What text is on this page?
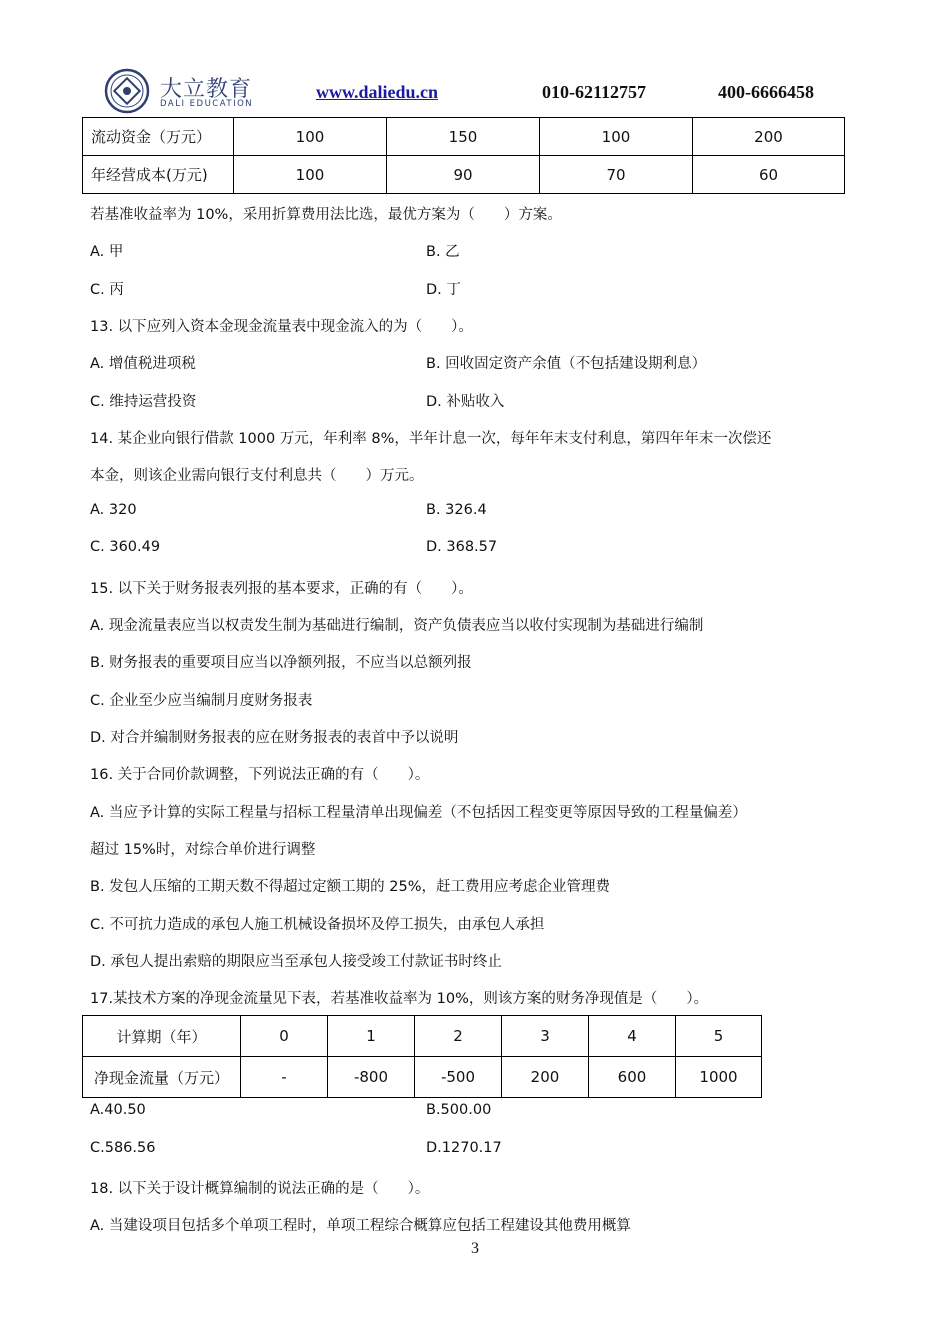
大立教育
DALI EDUCATION
www.daliedu.cn	010-62112757	400-6666458
流动资金（万元）	100	150	100	200
年经营成本(万元)	100	90	70	60
若基准收益率为 10%，采用折算费用法比选，最优方案为（　　）方案。
A. 甲	B. 乙
C. 丙	D. 丁
13. 以下应列入资本金现金流量表中现金流入的为（　　）。
A. 增值税进项税	B. 回收固定资产余值（不包括建设期利息）
C. 维持运营投资	D. 补贴收入
14. 某企业向银行借款 1000 万元，年利率 8%，半年计息一次，每年年末支付利息，第四年年末一次偿还
本金，则该企业需向银行支付利息共（　　）万元。
A. 320	B. 326.4
C. 360.49	D. 368.57
15. 以下关于财务报表列报的基本要求，正确的有（　　）。
A. 现金流量表应当以权责发生制为基础进行编制，资产负债表应当以收付实现制为基础进行编制
B. 财务报表的重要项目应当以净额列报，不应当以总额列报
C. 企业至少应当编制月度财务报表
D. 对合并编制财务报表的应在财务报表的表首中予以说明
16. 关于合同价款调整，下列说法正确的有（　　）。
A. 当应予计算的实际工程量与招标工程量清单出现偏差（不包括因工程变更等原因导致的工程量偏差）
超过 15%时，对综合单价进行调整
B. 发包人压缩的工期天数不得超过定额工期的 25%，赶工费用应考虑企业管理费
C. 不可抗力造成的承包人施工机械设备损坏及停工损失，由承包人承担
D. 承包人提出索赔的期限应当至承包人接受竣工付款证书时终止
17.某技术方案的净现金流量见下表，若基准收益率为 10%，则该方案的财务净现值是（　　）。
计算期（年）	0	1	2	3	4	5
净现金流量（万元）	-	-800	-500	200	600	1000
A.40.50	B.500.00
C.586.56	D.1270.17
18. 以下关于设计概算编制的说法正确的是（　　）。
A. 当建设项目包括多个单项工程时，单项工程综合概算应包括工程建设其他费用概算
3
